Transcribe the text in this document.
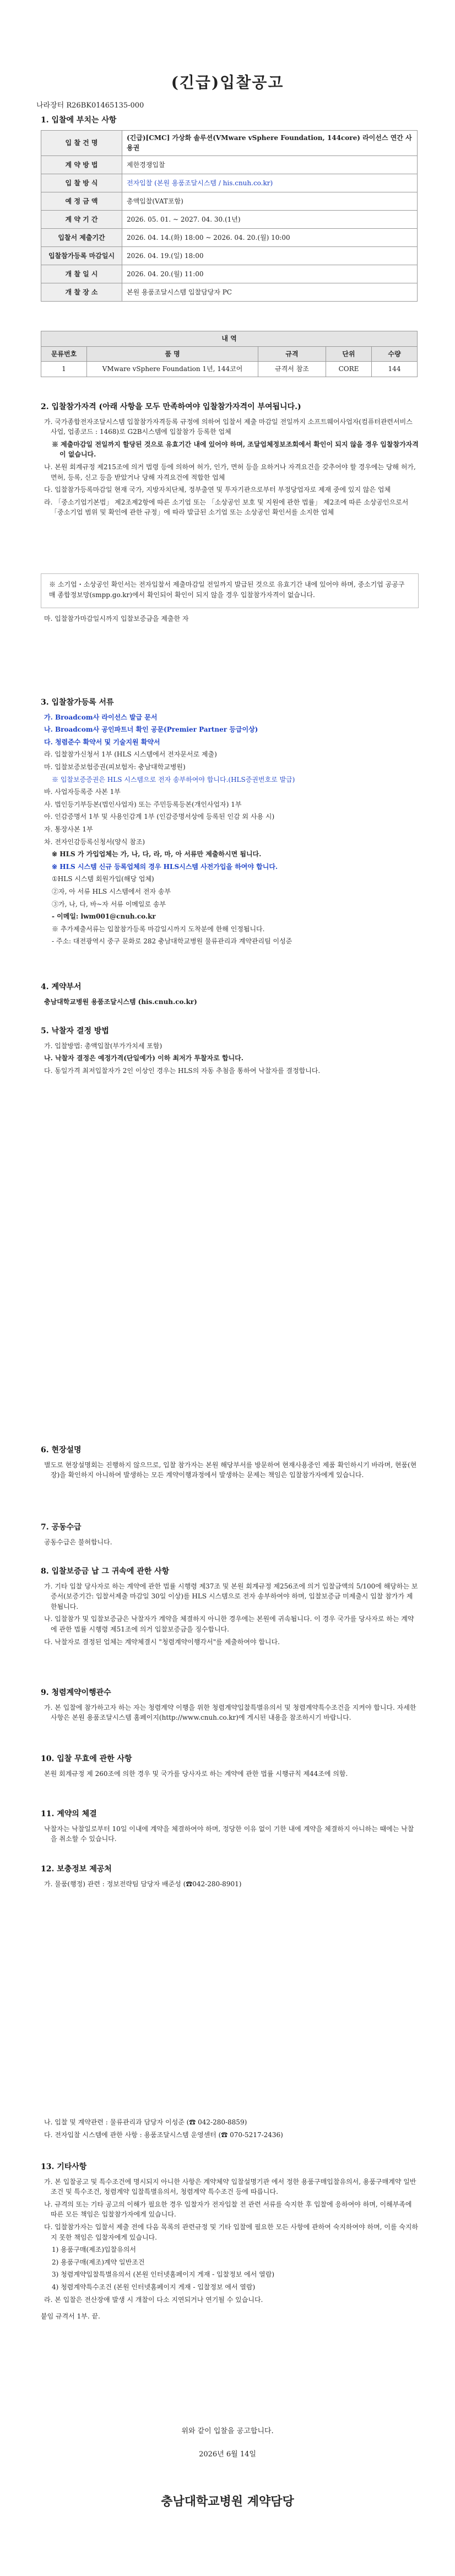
(긴급)입찰공고
나라장터 R26BK01465135-000
1. 입찰에 부치는 사항
입 찰 건 명	(긴급)[CMC] 가상화 솔루션(VMware vSphere Foundation, 144core) 라이선스 연간 사용권
계 약 방 법	제한경쟁입찰
입 찰 방 식	전자입찰 (본원 용품조달시스템 / his.cnuh.co.kr)
예 정 금 액	총액입찰(VAT포함)
계 약 기 간	2026. 05. 01. ~ 2027. 04. 30.(1년)
입찰서 제출기간	2026. 04. 14.(화) 18:00 ~ 2026. 04. 20.(월) 10:00
입찰참가등록 마감일시	2026. 04. 19.(일) 18:00
개 찰 일 시	2026. 04. 20.(월) 11:00
개 찰 장 소	본원 용품조달시스템 입찰담당자 PC
내 역				
문류번호	품 명	규격	단위	수량
1	VMware vSphere Foundation 1년, 144코어	규격서 참조	CORE	144
2. 입찰참가자격 (아래 사항을 모두 만족하여야 입찰참가자격이 부여됩니다.)

가. 국가종합전자조달시스템 입찰참가자격등록 규정에 의하여 입찰서 제출 마감일 전일까지 소프트웨어사업자(컴퓨터관련서비스사업, 업종코드 : 1468)로 G2B시스템에 입찰참가 등록한 업체

※ 제출마감일 전일까지 할당된 것으로 유효기간 내에 있어야 하며, 조달업체정보조회에서 확인이 되지 않을 경우 입찰참가자격이 없습니다.

나. 본원 회계규정 제215조에 의거 법령 등에 의하여 허가, 인가, 면허 등을 요하거나 자격요건을 갖추어야 할 경우에는 당해 허가, 면허, 등록, 신고 등을 받았거나 당해 자격요건에 적합한 업체

다. 입찰참가등록마감일 현재 국가, 지방자치단체, 정부출연 및 투자기관으로부터 부정당업자로 제재 중에 있지 않은 업체

라. 「중소기업기본법」 제2조제2항에 따른 소기업 또는 「소상공인 보호 및 지원에 관한 법률」 제2조에 따른 소상공인으로서 「중소기업 범위 및 확인에 관한 규정」에 따라 발급된 소기업 또는 소상공인 확인서를 소지한 업체

※ 소기업・소상공인 확인서는 전자입찰서 제출마감일 전일까지 발급된 것으로 유효기간 내에 있어야 하며, 중소기업 공공구매 종합정보망(smpp.go.kr)에서 확인되어 확인이 되지 않을 경우 입찰참가자격이 없습니다.

마. 입찰참가마감일시까지 입찰보증금을 제출한 자

3. 입찰참가등록 서류

가. Broadcom사 라이선스 발급 문서

나. Broadcom사 공인파트너 확인 공문(Premier Partner 등급이상)

다. 청렴준수 확약서 및 기술지원 확약서

라. 입찰참가신청서 1부 (HLS 시스템에서 전자문서로 제출)

마. 입찰보증보험증권(피보험자: 충남대학교병원)

※ 입찰보증증권은 HLS 시스템으로 전자 송부하여야 합니다.(HLS증권번호로 발급)

바. 사업자등록증 사본 1부

사. 법인등기부등본(법인사업자) 또는 주민등록등본(개인사업자) 1부

아. 인감증명서 1부 및 사용인감계 1부 (인감증명서상에 등록된 인감 외 사용 시)

자. 통장사본 1부

차. 전자인감등록신청서(양식 참조)

※ HLS 가 가입업체는 가, 나, 다, 라, 마, 아 서류만 제출하시면 됩니다.

※ HLS 시스템 신규 등록업체의 경우 HLS시스템 사전가입을 하여야 합니다.

①HLS 시스템 회원가입(해당 업체)

②자, 아 서류 HLS 시스템에서 전자 송부

③가, 나, 다, 바~자 서류 이메일로 송부

- 이메일: lwm001@cnuh.co.kr

※ 추가제출서류는 입찰참가등록 마감일시까지 도착분에 한해 인정됩니다.

- 주소: 대전광역시 중구 문화로 282 충남대학교병원 물류관리과 계약관리팀 이성준

4. 계약부서

충남대학교병원 용품조달시스템 (his.cnuh.co.kr)

5. 낙찰자 결정 방법

가. 입찰방법: 총액입찰(부가가치세 포함)

나. 낙찰자 결정은 예정가격(단일예가) 이하 최저가 투찰자로 합니다.

다. 동일가격 최저입찰자가 2인 이상인 경우는 HLS의 자동 추첨을 통하여 낙찰자를 결정합니다.

6. 현장설명

별도로 현장설명회는 진행하지 않으므로, 입찰 참가자는 본원 해당부서를 방문하여 현재사용중인 제품 확인하시기 바라며, 현품(현장)을 확인하지 아니하여 발생하는 모든 계약이행과정에서 발생하는 문제는 책임은 입찰참가자에게 있습니다.

7. 공동수급

공동수급은 불허합니다.

8. 입찰보증금 납 그 귀속에 관한 사항

가. 기타 입찰 당사자로 하는 계약에 관한 법률 시행령 제37조 및 본원 회계규정 제256조에 의거 입찰금액의 5/100에 해당하는 보증서(보증기간: 입찰서제출 마감일 30일 이상)를 HLS 시스템으로 전자 송부하여야 하며, 입찰보증금 미제출시 입찰 참가가 제한됩니다.

나. 입찰참가 및 입찰보증금은 낙찰자가 계약을 체결하지 아니한 경우에는 본원에 귀속됩니다. 이 경우 국가를 당사자로 하는 계약에 관한 법률 시행령 제51조에 의거 입찰보증금을 징수합니다.

다. 낙찰자로 결정된 업체는 계약체결시 "청렴계약이행각서"를 제출하여야 합니다.

9. 청렴계약이행관수

가. 본 입찰에 참가하고자 하는 자는 청렴계약 이행을 위한 청렴계약입찰특별유의서 및 청렴계약특수조건을 지켜야 합니다. 자세한 사항은 본원 용품조달시스템 홈페이지(http://www.cnuh.co.kr)에 게시된 내용을 참조하시기 바랍니다.

10. 입찰 무효에 관한 사항

본원 회계규정 제 260조에 의한 경우 및 국가를 당사자로 하는 계약에 관한 법률 시행규칙 제44조에 의함.

11. 계약의 체결

낙찰자는 낙찰일로부터 10일 이내에 계약을 체결하여야 하며, 정당한 이유 없이 기한 내에 계약을 체결하지 아니하는 때에는 낙찰을 취소할 수 있습니다.

12. 보충정보 제공처

가. 물품(행정) 관련 : 정보전략팀 담당자 배준성 (☎042-280-8901)

나. 입찰 및 계약관련 : 물류관리과 담당자 이성준 (☎ 042-280-8859)

다. 전자입찰 시스템에 관한 사항 : 용품조달시스템 운영센터 (☎ 070-5217-2436)

13. 기타사항

가. 본 입찰공고 및 특수조건에 명시되지 아니한 사항은 계약체약 입찰설명기관 에서 정한 용품구매입찰유의서, 용품구매계약 일반조건 및 특수조건, 청렴계약 입찰특별유의서, 청렴계약 특수조건 등에 따릅니다.

나. 규격의 또는 기타 공고의 이해가 필요한 경우 입찰자가 전자입찰 전 관련 서류를 숙지한 후 입찰에 응하여야 하며, 이해부족에 따른 모든 책임은 입찰참가자에게 있습니다.

다. 입찰참가자는 입찰서 제출 전에 다음 목록의 관련규정 및 기타 입찰에 필요한 모든 사항에 관하여 숙지하여야 하며, 이를 숙지하지 못한 책임은 입찰자에게 있습니다.

1) 용품구매(제조)입찰유의서

2) 용품구매(제조)계약 일반조건

3) 청렴계약입찰특별유의서 (본원 인터넷홈페이지 게재 - 입찰정보 에서 열람)

4) 청렴계약특수조건 (본원 인터넷홈페이지 게재 - 입찰정보 에서 열람)

라. 본 입찰은 전산장애 발생 시 개찰이 다소 지연되거나 연기될 수 있습니다.

붙임 규격서 1부. 끝.

위와 같이 입찰을 공고합니다.
2026년 6월 14일
충남대학교병원 계약담당
